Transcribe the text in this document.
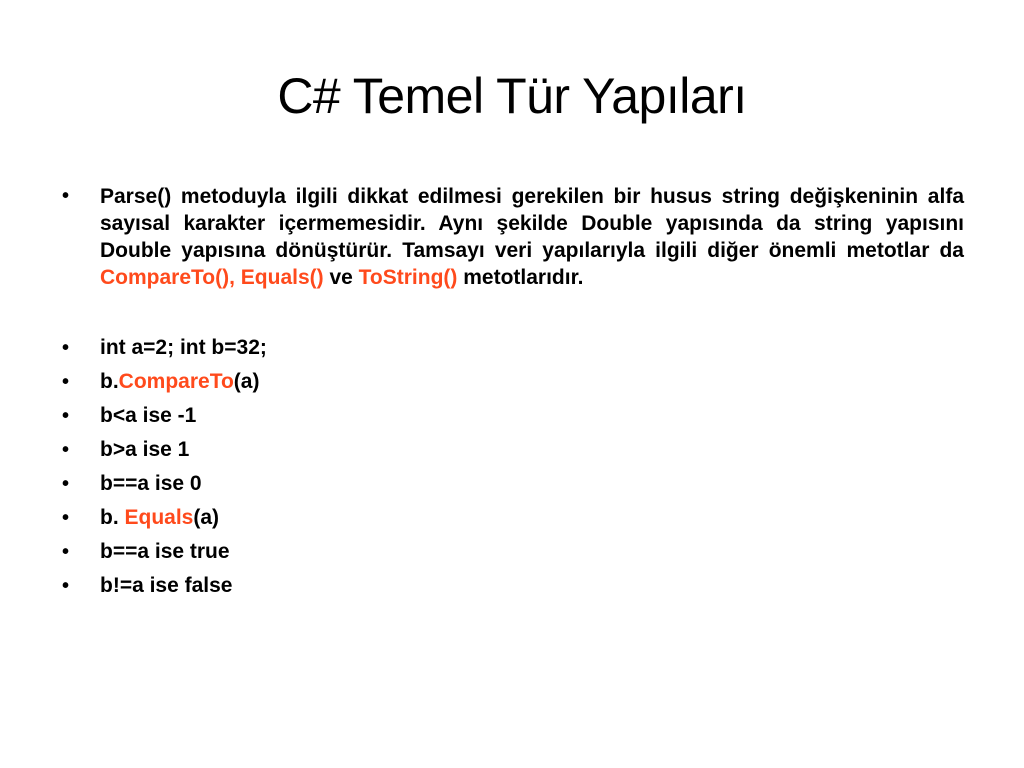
C# Temel Tür Yapıları
•	Parse() metoduyla ilgili dikkat edilmesi gerekilen bir husus string değişkeninin alfa sayısal karakter içermemesidir. Aynı şekilde Double yapısında da string yapısını Double yapısına dönüştürür. Tamsayı veri yapılarıyla ilgili diğer önemli metotlar da CompareTo(), Equals() ve ToString() metotlarıdır.
•	int a=2; int b=32;
•	b.CompareTo(a)
•	b<a ise -1
•	b>a ise 1
•	b==a ise 0
•	b. Equals(a)
•	b==a ise true
•	b!=a ise false
